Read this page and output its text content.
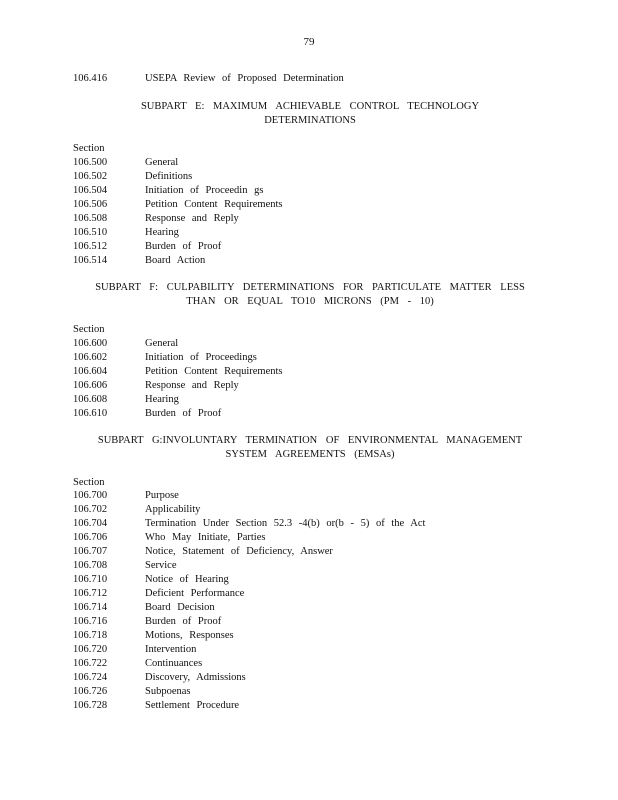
79
106.416	USEPA Review of Proposed Determination
SUBPART E: MAXIMUM ACHIEVABLE CONTROL TECHNOLOGY
DETERMINATIONS
Section
106.500	General
106.502	Definitions
106.504	Initiation of Proceedin gs
106.506	Petition Content Requirements
106.508	Response and Reply
106.510	Hearing
106.512	Burden of Proof
106.514	Board Action
SUBPART F: CULPABILITY DETERMINATIONS FOR PARTICULATE MATTER LESS
THAN OR EQUAL TO10 MICRONS (PM - 10)
Section
106.600	General
106.602	Initiation of Proceedings
106.604	Petition Content Requirements
106.606	Response and Reply
106.608	Hearing
106.610	Burden of Proof
SUBPART G:INVOLUNTARY TERMINATION OF ENVIRONMENTAL MANAGEMENT
SYSTEM AGREEMENTS (EMSAs)
Section
106.700	Purpose
106.702	Applicability
106.704	Termination Under Section 52.3 -4(b) or(b - 5) of the Act
106.706	Who May Initiate, Parties
106.707	Notice, Statement of Deficiency, Answer
106.708	Service
106.710	Notice of Hearing
106.712	Deficient Performance
106.714	Board Decision
106.716	Burden of Proof
106.718	Motions, Responses
106.720	Intervention
106.722	Continuances
106.724	Discovery, Admissions
106.726	Subpoenas
106.728	Settlement Procedure
